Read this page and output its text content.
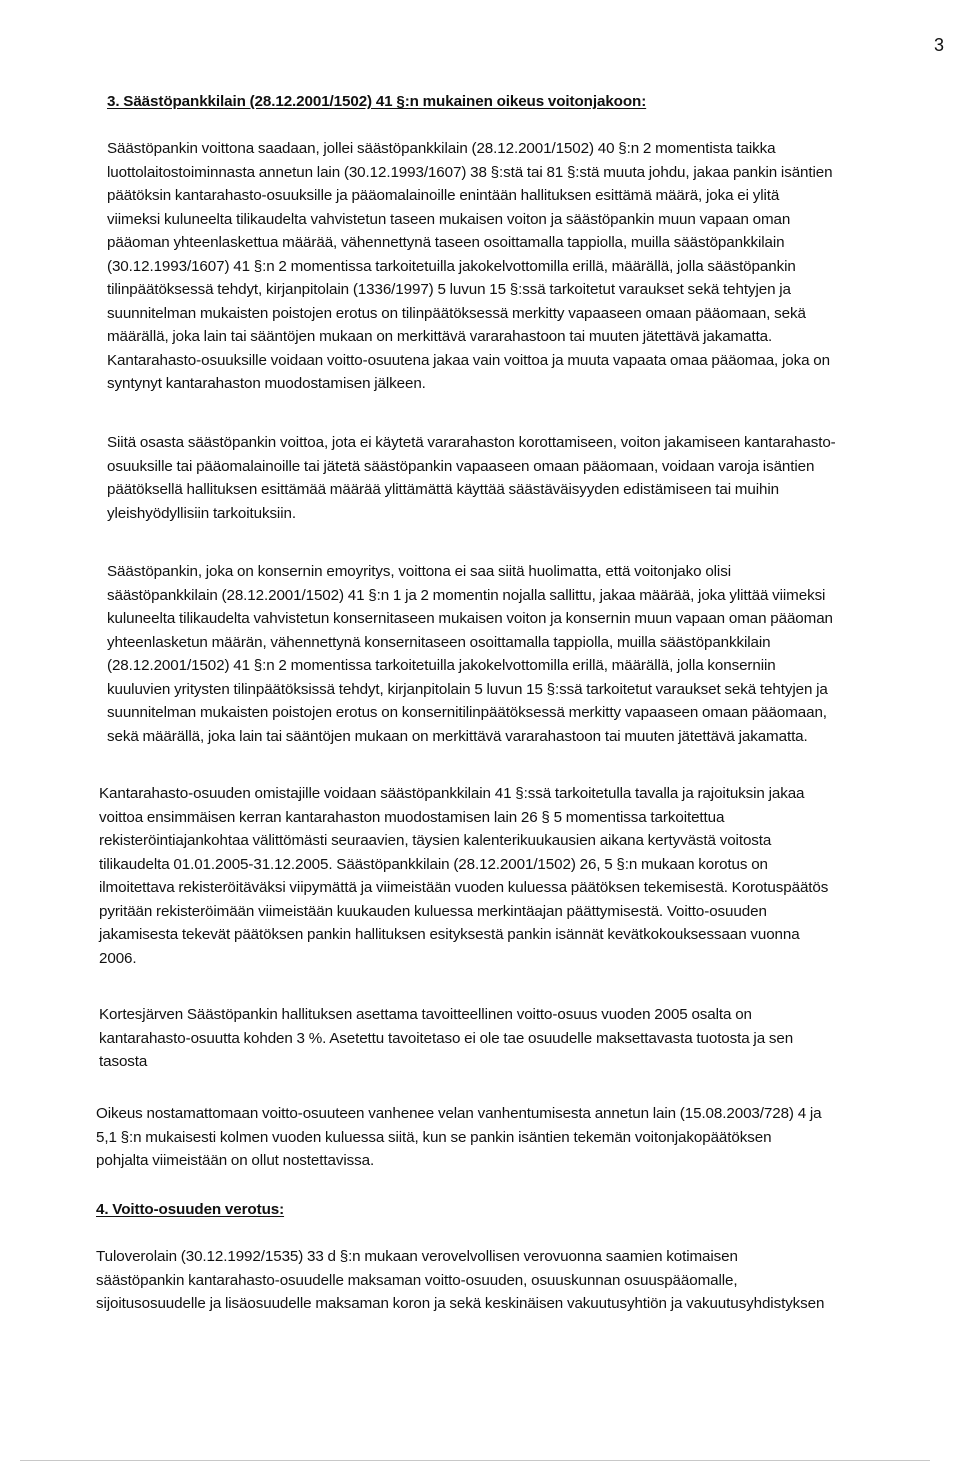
3
3. Säästöpankkilain (28.12.2001/1502) 41 §:n mukainen oikeus voitonjakoon:
Säästöpankin voittona saadaan, jollei säästöpankkilain (28.12.2001/1502) 40 §:n 2 momentista taikka
luottolaitostoiminnasta annetun lain (30.12.1993/1607) 38 §:stä tai 81 §:stä muuta johdu, jakaa pankin isäntien
päätöksin kantarahasto-osuuksille ja pääomalainoille enintään hallituksen esittämä määrä, joka ei ylitä
viimeksi kuluneelta tilikaudelta vahvistetun taseen mukaisen voiton ja säästöpankin muun vapaan oman
pääoman yhteenlaskettua määrää, vähennettynä taseen osoittamalla tappiolla, muilla säästöpankkilain
(30.12.1993/1607) 41 §:n 2 momentissa tarkoitetuilla jakokelvottomilla erillä, määrällä, jolla säästöpankin
tilinpäätöksessä tehdyt, kirjanpitolain (1336/1997) 5 luvun 15 §:ssä tarkoitetut varaukset sekä tehtyjen ja
suunnitelman mukaisten poistojen erotus on tilinpäätöksessä merkitty vapaaseen omaan pääomaan, sekä
määrällä, joka lain tai sääntöjen mukaan on merkittävä vararahastoon tai muuten jätettävä jakamatta.
Kantarahasto-osuuksille voidaan voitto-osuutena jakaa vain voittoa ja muuta vapaata omaa pääomaa, joka on
syntynyt kantarahaston muodostamisen jälkeen.
Siitä osasta säästöpankin voittoa, jota ei käytetä vararahaston korottamiseen, voiton jakamiseen kantarahasto-
osuuksille tai pääomalainoille tai jätetä säästöpankin vapaaseen omaan pääomaan, voidaan varoja isäntien
päätöksellä hallituksen esittämää määrää ylittämättä käyttää säästäväisyyden edistämiseen tai muihin
yleishyödyllisiin tarkoituksiin.
Säästöpankin, joka on konsernin emoyritys, voittona ei saa siitä huolimatta, että voitonjako olisi
säästöpankkilain (28.12.2001/1502) 41 §:n 1 ja 2 momentin nojalla sallittu, jakaa määrää, joka ylittää viimeksi
kuluneelta tilikaudelta vahvistetun konsernitaseen mukaisen voiton ja konsernin muun vapaan oman pääoman
yhteenlasketun määrän, vähennettynä konsernitaseen osoittamalla tappiolla, muilla säästöpankkilain
(28.12.2001/1502) 41 §:n 2 momentissa tarkoitetuilla jakokelvottomilla erillä, määrällä, jolla konserniin
kuuluvien yritysten tilinpäätöksissä tehdyt, kirjanpitolain 5 luvun 15 §:ssä tarkoitetut varaukset sekä tehtyjen ja
suunnitelman mukaisten poistojen erotus on konsernitilinpäätöksessä merkitty vapaaseen omaan pääomaan,
sekä määrällä, joka lain tai sääntöjen mukaan on merkittävä vararahastoon tai muuten jätettävä jakamatta.
Kantarahasto-osuuden omistajille voidaan säästöpankkilain 41 §:ssä tarkoitetulla tavalla ja rajoituksin jakaa
voittoa ensimmäisen kerran kantarahaston muodostamisen lain 26 § 5 momentissa tarkoitettua
rekisteröintiajankohtaa välittömästi seuraavien, täysien kalenterikuukausien aikana kertyvästä voitosta
tilikaudelta 01.01.2005-31.12.2005. Säästöpankkilain (28.12.2001/1502) 26, 5 §:n mukaan korotus on
ilmoitettava rekisteröitäväksi viipymättä ja viimeistään vuoden kuluessa päätöksen tekemisestä. Korotuspäätös
pyritään rekisteröimään viimeistään kuukauden kuluessa merkintäajan päättymisestä. Voitto-osuuden
jakamisesta tekevät päätöksen pankin hallituksen esityksestä pankin isännät kevätkokouksessaan vuonna
2006.
Kortesjärven Säästöpankin hallituksen asettama tavoitteellinen voitto-osuus vuoden 2005 osalta on
kantarahasto-osuutta kohden 3 %. Asetettu tavoitetaso ei ole tae osuudelle maksettavasta tuotosta ja sen
tasosta
Oikeus nostamattomaan voitto-osuuteen vanhenee velan vanhentumisesta annetun lain (15.08.2003/728) 4 ja
5,1 §:n mukaisesti kolmen vuoden kuluessa siitä, kun se pankin isäntien tekemän voitonjakopäätöksen
pohjalta viimeistään on ollut nostettavissa.
4. Voitto-osuuden verotus:
Tuloverolain (30.12.1992/1535) 33 d §:n mukaan verovelvollisen verovuonna saamien kotimaisen
säästöpankin kantarahasto-osuudelle maksaman voitto-osuuden, osuuskunnan osuuspääomalle,
sijoitusosuudelle ja lisäosuudelle maksaman koron ja sekä keskinäisen vakuutusyhtiön ja vakuutusyhdistyksen
